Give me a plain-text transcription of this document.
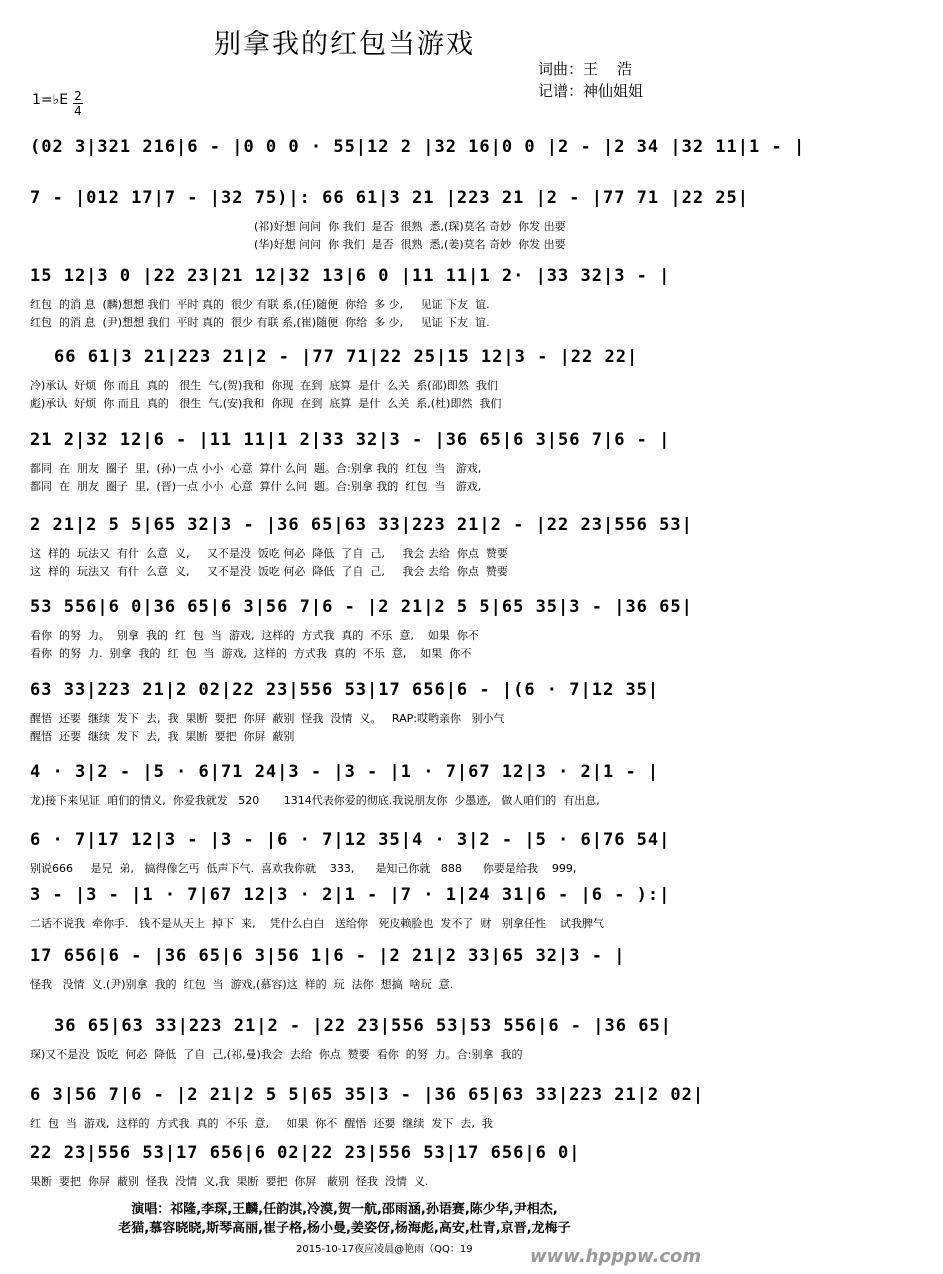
别拿我的红包当游戏
词曲：王    浩
记谱：神仙姐姐
1=♭E 2
4
(02 3|321 216|6 - |0 0 0 · 55|12 2 |32 16|0 0 |2 - |2 34 |32 11|1 - |
7 - |012 17|7 - |32 75)|: 66 61|3 21 |223 21 |2 - |77 71 |22 25|
(祁)好想 问问  你 我们  是否  很熟  悉,(琛)莫名 奇妙  你发 出要
(华)好想 问问  你 我们  是否  很熟  悉,(姜)莫名 奇妙  你发 出要
15 12|3 0 |22 23|21 12|32 13|6 0 |11 11|1 2· |33 32|3 - |
红包  的消 息  (麟)想想 我们  平时 真的  很少 有联 系,(任)随便  你给  多 少,     见证 下友  谊.
红包  的消 息  (尹)想想 我们  平时 真的  很少 有联 系,(崔)随便  你给  多 少,     见证 下友  谊.
66 61|3 21|223 21|2 - |77 71|22 25|15 12|3 - |22 22|
冷)承认  好烦  你 而且  真的   很生  气,(贺)我和  你现  在到  底算  是什  么关  系(邵)即然  我们
彪)承认  好烦  你 而且  真的   很生  气,(安)我和  你现  在到  底算  是什  么关  系,(杜)即然  我们
21 2|32 12|6 - |11 11|1 2|33 32|3 - |36 65|6 3|56 7|6 - |
都同  在  朋友  圈子  里,  (孙)一点 小小  心意  算什 么问  题。合:别拿 我的  红包  当   游戏,
都同  在  朋友  圈子  里,  (晋)一点 小小  心意  算什 么问  题。合:别拿 我的  红包  当   游戏,
2 21|2 5 5|65 32|3 - |36 65|63 33|223 21|2 - |22 23|556 53|
这  样的  玩法又  有什  么意  义,     又不是没  饭吃 何必  降低  了自  己,     我会 去给  你点  赞要
这  样的  玩法又  有什  么意  义,     又不是没  饭吃 何必  降低  了自  己,     我会 去给  你点  赞要
53 556|6 0|36 65|6 3|56 7|6 - |2 21|2 5 5|65 35|3 - |36 65|
看你  的努  力。  别拿  我的  红  包  当  游戏,  这样的  方式我  真的  不乐  意,    如果  你不
看你  的努  力.  别拿  我的  红  包  当  游戏,  这样的  方式我  真的  不乐  意,    如果  你不
63 33|223 21|2 02|22 23|556 53|17 656|6 - |(6 · 7|12 35|
醒悟  还要  继续  发下  去,  我  果断  要把  你屏  蔽别  怪我  没情  义。   RAP:哎哟亲你   别小气
醒悟  还要  继续  发下  去,  我  果断  要把  你屏  蔽别
4 · 3|2 - |5 · 6|71 24|3 - |3 - |1 · 7|67 12|3 · 2|1 - |
龙)接下来见证  咱们的情义,  你爱我就发   520       1314代表你爱的彻底.我说朋友你  少墨迹,   做人咱们的  有出息,
6 · 7|17 12|3 - |3 - |6 · 7|12 35|4 · 3|2 - |5 · 6|76 54|
别说666     是兄  弟,   搞得像乞丐  低声下气.  喜欢我你就    333,      是知己你就   888      你要是给我    999,
3 - |3 - |1 · 7|67 12|3 · 2|1 - |7 · 1|24 31|6 - |6 - ):|
二话不说我  牵你手.   钱不是从天上  掉下  来,    凭什么白白   送给你   死皮赖脸也  发不了  财   别拿任性    试我脾气
17 656|6 - |36 65|6 3|56 1|6 - |2 21|2 33|65 32|3 - |
怪我   没情  义.(尹)别拿  我的  红包  当  游戏,(慕容)这  样的  玩  法你  想搞  啥玩  意.
36 65|63 33|223 21|2 - |22 23|556 53|53 556|6 - |36 65|
琛)又不是没  饭吃  何必  降低  了自  己,(祁,曼)我会  去给  你点  赞要  看你  的努  力。合:别拿  我的
6 3|56 7|6 - |2 21|2 5 5|65 35|3 - |36 65|63 33|223 21|2 02|
红  包  当  游戏,  这样的  方式我  真的  不乐  意,     如果  你不  醒悟  还要  继续  发下  去,  我
22 23|556 53|17 656|6 02|22 23|556 53|17 656|6 0|
果断  要把  你屏  蔽别  怪我  没情  义,我  果断  要把  你屏   蔽别  怪我  没情  义.
演唱：祁隆,李琛,王麟,任韵淇,冷漠,贺一航,邵雨涵,孙语赛,陈少华,尹相杰,
老猫,慕容晓晓,斯琴高丽,崔子格,杨小曼,姜姿伢,杨海彪,高安,杜青,京晋,龙梅子
2015-10-17夜应凌晨@艳雨（QQ：19	www.hpppw.com
